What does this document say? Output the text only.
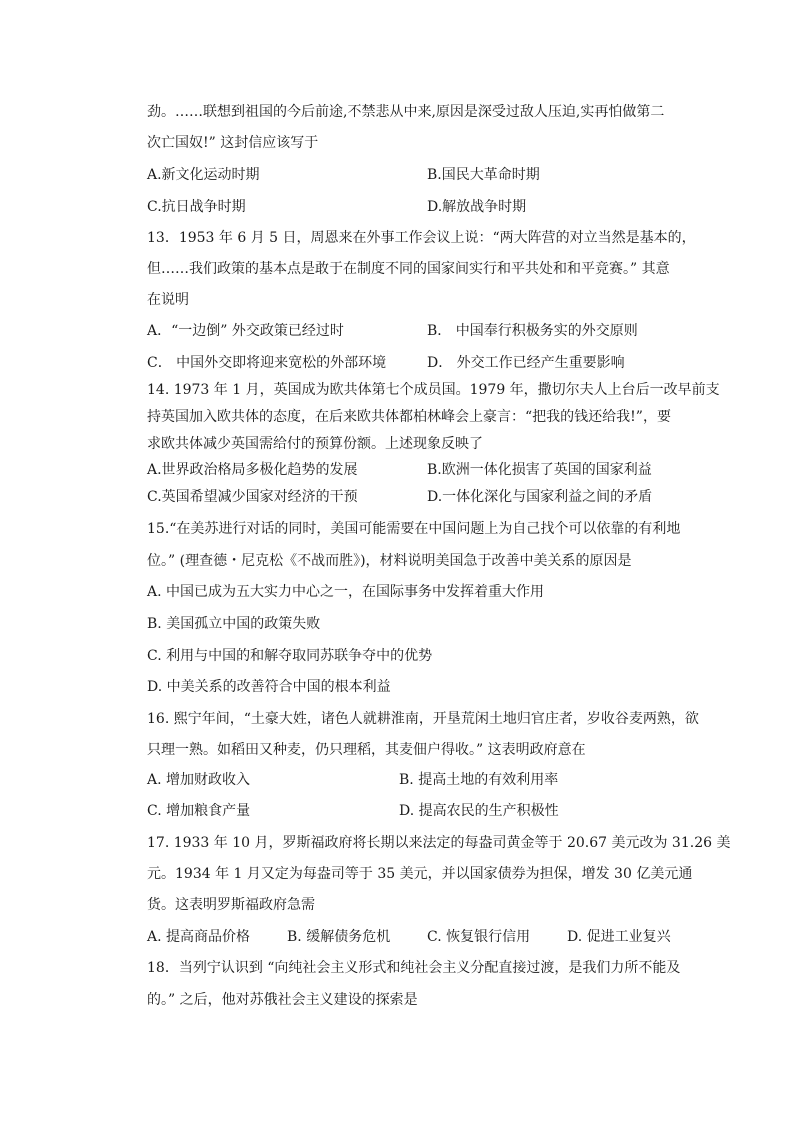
劲。……联想到祖国的今后前途,不禁悲从中来,原因是深受过敌人压迫,实再怕做第二
次亡国奴!” 这封信应该写于
A.新文化运动时期	B.国民大革命时期
C.抗日战争时期	D.解放战争时期
13．1953 年 6 月 5 日，周恩来在外事工作会议上说：“两大阵营的对立当然是基本的，
但……我们政策的基本点是敢于在制度不同的国家间实行和平共处和和平竞赛。” 其意
在说明
A．“一边倒” 外交政策已经过时	B． 中国奉行积极务实的外交原则
C． 中国外交即将迎来宽松的外部环境	D． 外交工作已经产生重要影响
14. 1973 年 1 月，英国成为欧共体第七个成员国。1979 年，撒切尔夫人上台后一改早前支
持英国加入欧共体的态度，在后来欧共体都柏林峰会上豪言：“把我的钱还给我!”，要
求欧共体减少英国需给付的预算份额。上述现象反映了
A.世界政治格局多极化趋势的发展	B.欧洲一体化损害了英国的国家利益
C.英国希望减少国家对经济的干预	D.一体化深化与国家利益之间的矛盾
15.“在美苏进行对话的同时，美国可能需要在中国问题上为自己找个可以依靠的有利地
位。” (理查德・尼克松《不战而胜》)，材料说明美国急于改善中美关系的原因是
A. 中国已成为五大实力中心之一，在国际事务中发挥着重大作用
B. 美国孤立中国的政策失败
C. 利用与中国的和解夺取同苏联争夺中的优势
D. 中美关系的改善符合中国的根本利益
16. 熙宁年间，“土豪大姓，诸色人就耕淮南，开垦荒闲土地归官庄者，岁收谷麦两熟，欲
只理一熟。如稻田又种麦，仍只理稻，其麦佃户得收。” 这表明政府意在
A. 增加财政收入	B. 提高土地的有效利用率
C. 增加粮食产量	D. 提高农民的生产积极性
17. 1933 年 10 月，罗斯福政府将长期以来法定的每盎司黄金等于 20.67 美元改为 31.26 美
元。1934 年 1 月又定为每盎司等于 35 美元，并以国家债券为担保，增发 30 亿美元通
货。这表明罗斯福政府急需
A. 提高商品价格	B. 缓解债务危机	C. 恢复银行信用	D. 促进工业复兴
18．当列宁认识到 “向纯社会主义形式和纯社会主义分配直接过渡，是我们力所不能及
的。” 之后，他对苏俄社会主义建设的探索是
